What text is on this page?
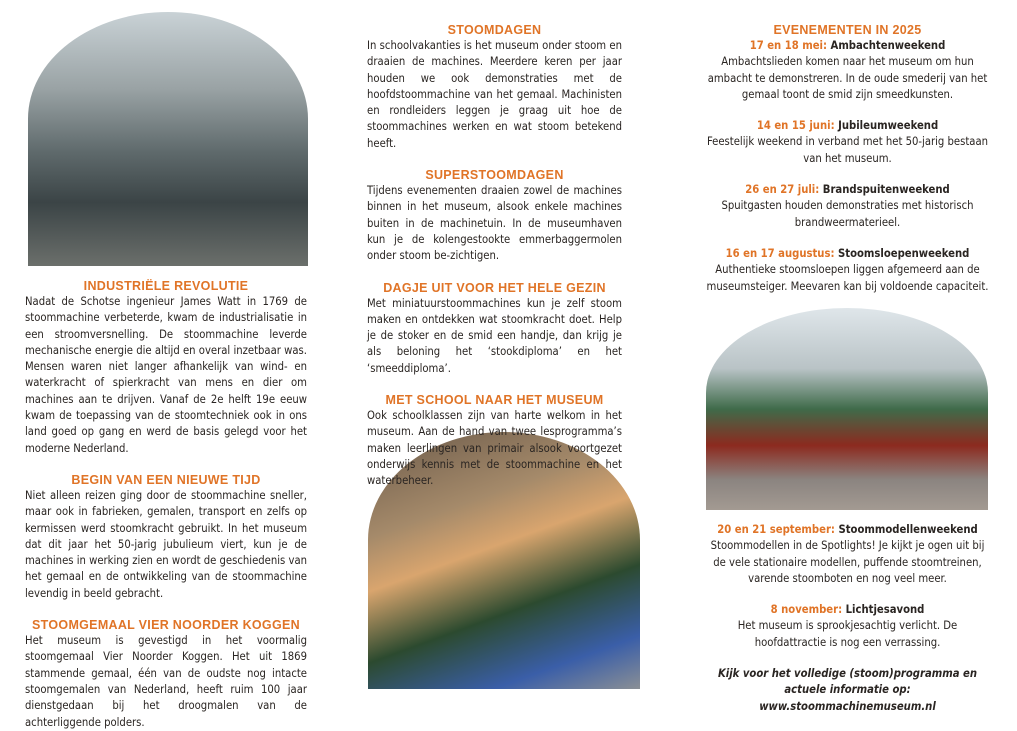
INDUSTRIËLE REVOLUTIE

Nadat de Schotse ingenieur James Watt in 1769 de stoommachine verbeterde, kwam de industrialisatie in een stroomversnelling. De stoommachine leverde mechanische energie die altijd en overal inzetbaar was. Mensen waren niet langer afhankelijk van wind- en waterkracht of spierkracht van mens en dier om machines aan te drijven. Vanaf de 2e helft 19e eeuw kwam de toepassing van de stoomtechniek ook in ons land goed op gang en werd de basis gelegd voor het moderne Nederland.

BEGIN VAN EEN NIEUWE TIJD

Niet alleen reizen ging door de stoommachine sneller, maar ook in fabrieken, gemalen, transport en zelfs op kermissen werd stoomkracht gebruikt. In het museum dat dit jaar het 50-jarig jubulieum viert, kun je de machines in werking zien en wordt de geschiedenis van het gemaal en de ontwikkeling van de stoommachine levendig in beeld gebracht.

STOOMGEMAAL VIER NOORDER KOGGEN

Het museum is gevestigd in het voormalig stoomgemaal Vier Noorder Koggen. Het uit 1869 stammende gemaal, één van de oudste nog intacte stoomgemalen van Nederland, heeft ruim 100 jaar dienstgedaan bij het droogmalen van de achterliggende polders.

STOOMDAGEN

In schoolvakanties is het museum onder stoom en draaien de machines. Meerdere keren per jaar houden we ook demonstraties met de hoofdstoommachine van het gemaal. Machinisten en rondleiders leggen je graag uit hoe de stoommachines werken en wat stoom betekend heeft.

SUPERSTOOMDAGEN

Tijdens evenementen draaien zowel de machines binnen in het museum, alsook enkele machines buiten in de machinetuin. In de museumhaven kun je de kolengestookte emmerbaggermolen onder stoom be-zichtigen.

DAGJE UIT VOOR HET HELE GEZIN

Met miniatuurstoommachines kun je zelf stoom maken en ontdekken wat stoomkracht doet. Help je de stoker en de smid een handje, dan krijg je als beloning het ‘stookdiploma’ en het ‘smeeddiploma’.

MET SCHOOL NAAR HET MUSEUM

Ook schoolklassen zijn van harte welkom in het museum. Aan de hand van twee lesprogramma’s maken leerlingen van primair alsook voortgezet onderwijs kennis met de stoommachine en het waterbeheer.

EVENEMENTEN IN 2025
17 en 18 mei: Ambachtenweekend

Ambachtslieden komen naar het museum om hun ambacht te demonstreren. In de oude smederij van het gemaal toont de smid zijn smeedkunsten.

14 en 15 juni: Jubileumweekend

Feestelijk weekend in verband met het 50-jarig bestaan van het museum.

26 en 27 juli: Brandspuitenweekend

Spuitgasten houden demonstraties met historisch brandweermaterieel.

16 en 17 augustus: Stoomsloepenweekend

Authentieke stoomsloepen liggen afgemeerd aan de museumsteiger. Meevaren kan bij voldoende capaciteit.

20 en 21 september: Stoommodellenweekend

Stoommodellen in de Spotlights! Je kijkt je ogen uit bij de vele stationaire modellen, puffende stoomtreinen, varende stoomboten en nog veel meer.

8 november: Lichtjesavond

Het museum is sprookjesachtig verlicht. De hoofdattractie is nog een verrassing.

Kijk voor het volledige (stoom)programma en actuele informatie op: www.stoommachinemuseum.nl
